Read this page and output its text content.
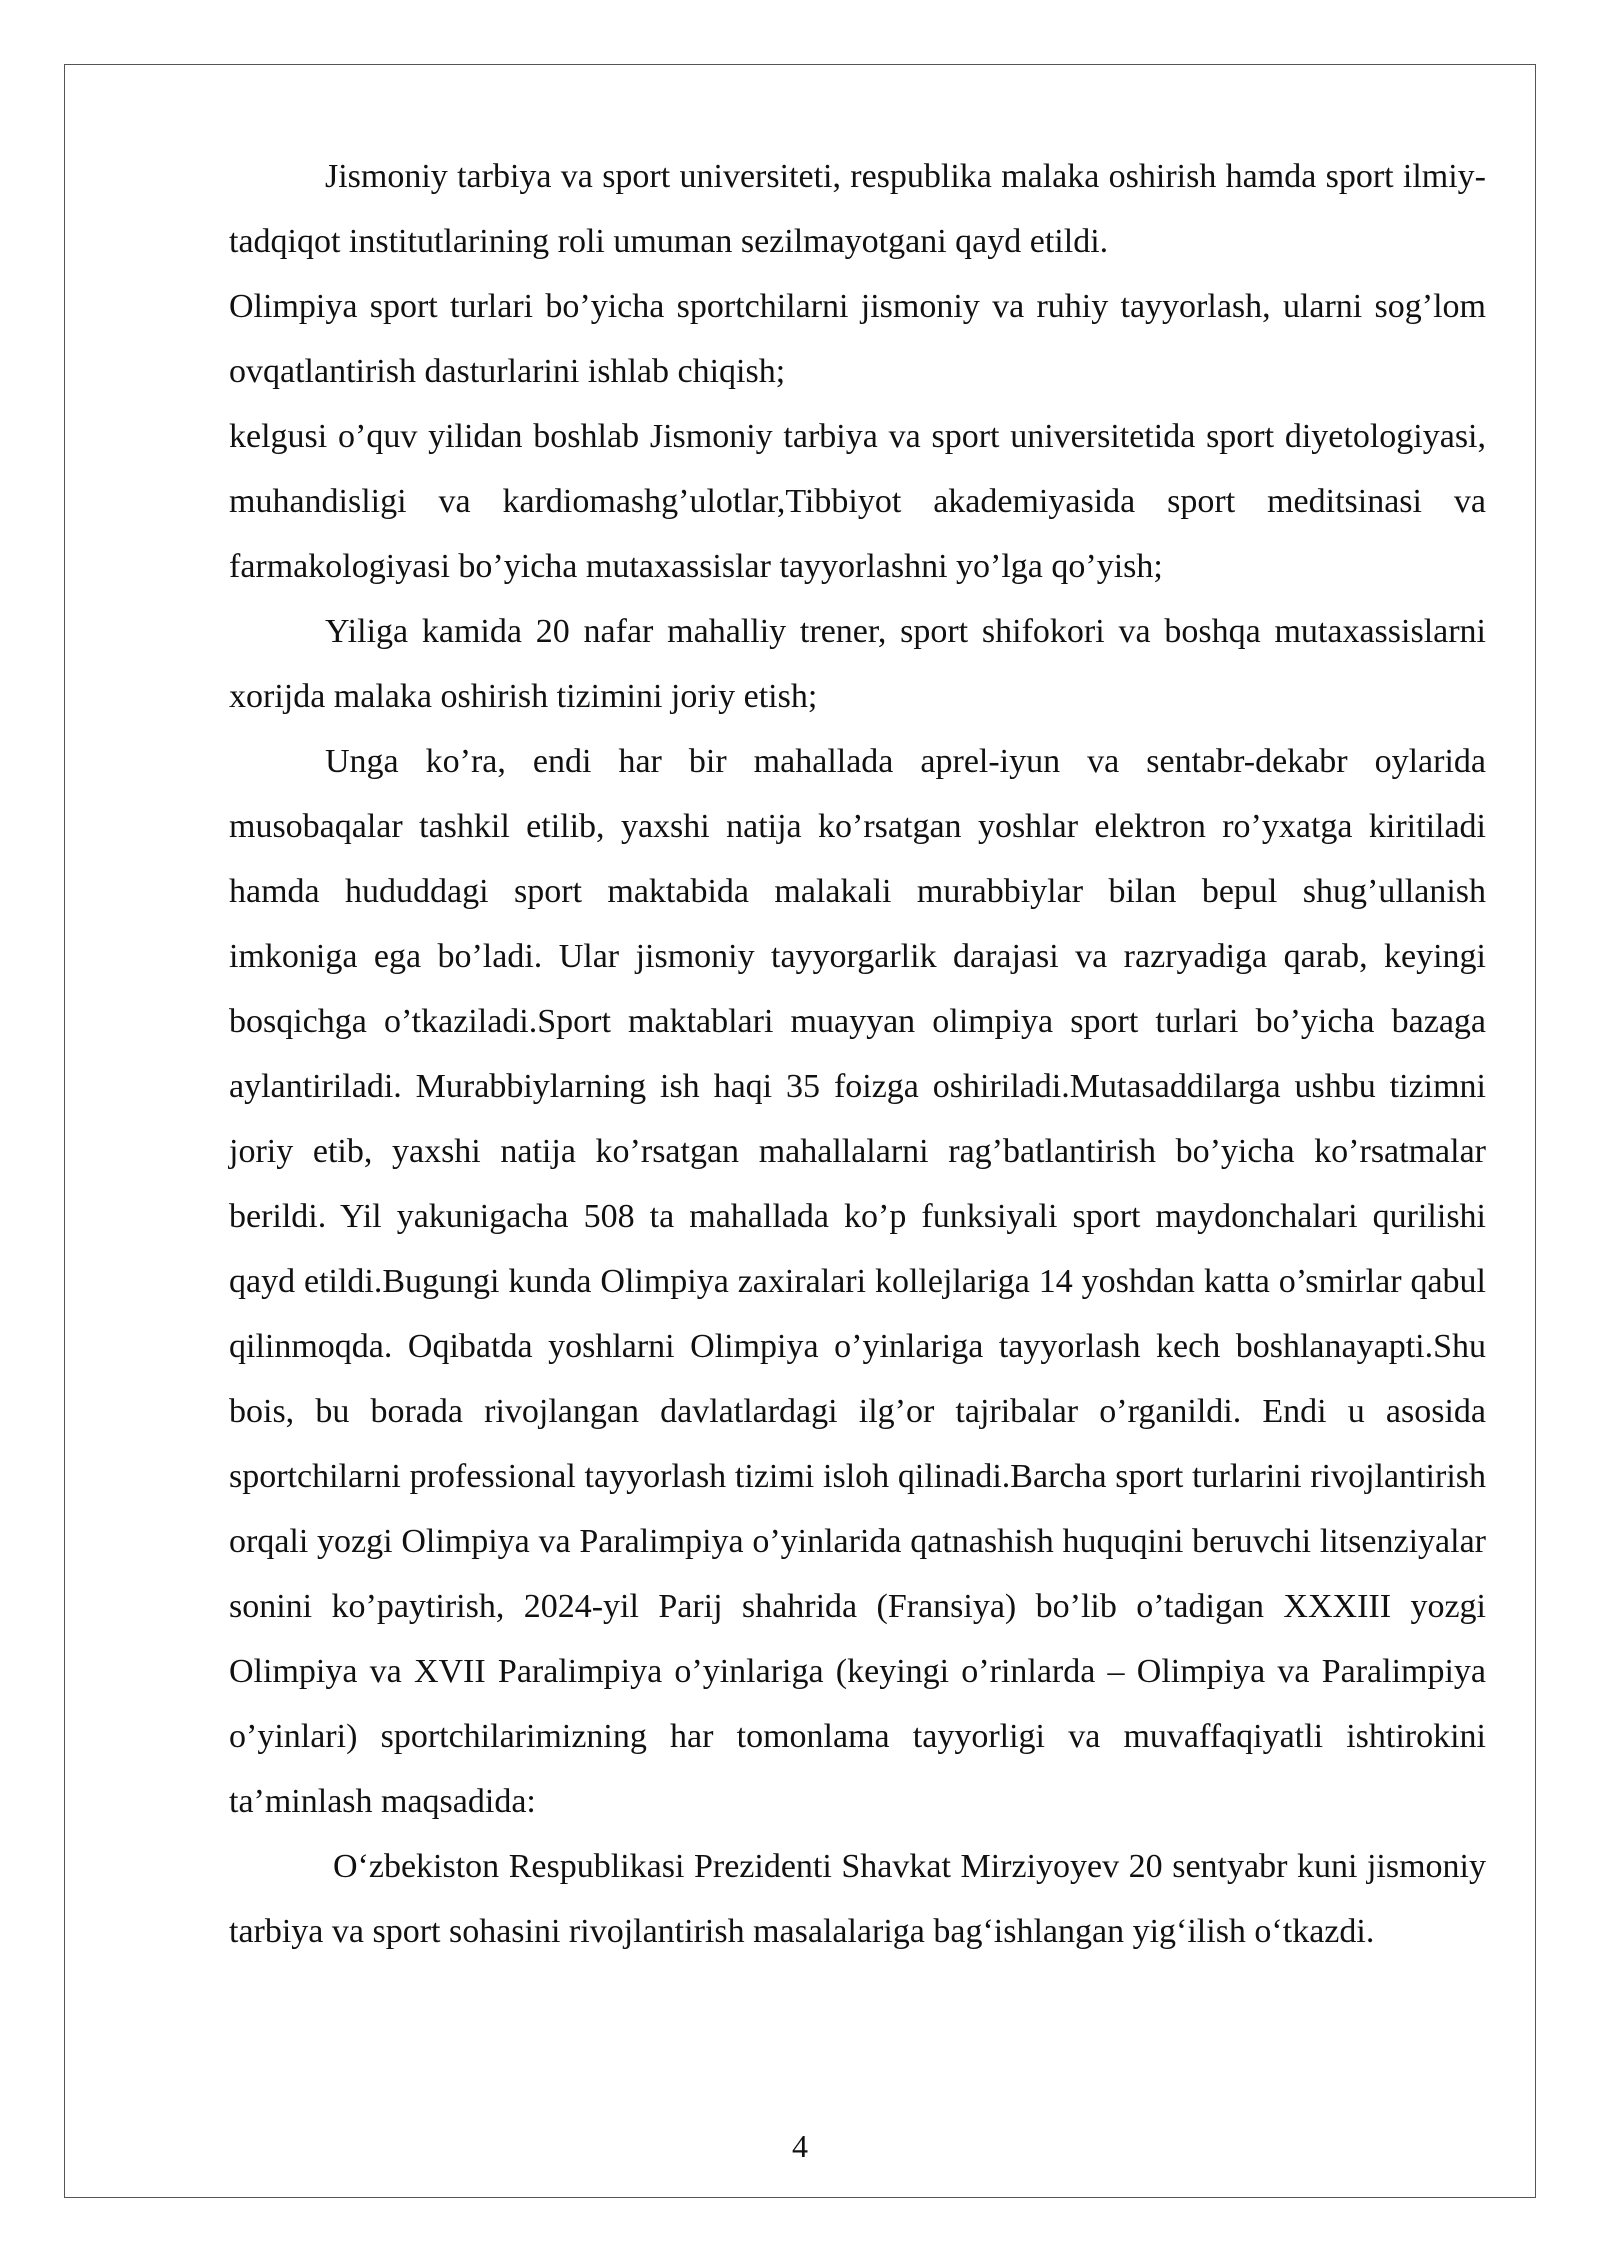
Jismoniy tarbiya va sport universiteti, respublika malaka oshirish hamda sport ilmiy-tadqiqot institutlarining roli umuman sezilmayotgani qayd etildi.

Olimpiya sport turlari bo’yicha sportchilarni jismoniy va ruhiy tayyorlash, ularni sog’lom ovqatlantirish dasturlarini ishlab chiqish;

kelgusi o’quv yilidan boshlab Jismoniy tarbiya va sport universitetida sport diyetologiyasi, muhandisligi va kardiomashg’ulotlar,Tibbiyot akademiyasida sport meditsinasi va farmakologiyasi bo’yicha mutaxassislar tayyorlashni yo’lga qo’yish;

Yiliga kamida 20 nafar mahalliy trener, sport shifokori va boshqa mutaxassislarni xorijda malaka oshirish tizimini joriy etish;

Unga ko’ra, endi har bir mahallada aprel-iyun va sentabr-dekabr oylarida musobaqalar tashkil etilib, yaxshi natija ko’rsatgan yoshlar elektron ro’yxatga kiritiladi hamda hududdagi sport maktabida malakali murabbiylar bilan bepul shug’ullanish imkoniga ega bo’ladi. Ular jismoniy tayyorgarlik darajasi va razryadiga qarab, keyingi bosqichga o’tkaziladi.Sport maktablari muayyan olimpiya sport turlari bo’yicha bazaga aylantiriladi. Murabbiylarning ish haqi 35 foizga oshiriladi.Mutasaddilarga ushbu tizimni joriy etib, yaxshi natija ko’rsatgan mahallalarni rag’batlantirish bo’yicha ko’rsatmalar berildi. Yil yakunigacha 508 ta mahallada ko’p funksiyali sport maydonchalari qurilishi qayd etildi.Bugungi kunda Olimpiya zaxiralari kollejlariga 14 yoshdan katta o’smirlar qabul qilinmoqda. Oqibatda yoshlarni Olimpiya o’yinlariga tayyorlash kech boshlanayapti.Shu bois, bu borada rivojlangan davlatlardagi ilg’or tajribalar o’rganildi. Endi u asosida sportchilarni professional tayyorlash tizimi isloh qilinadi.Barcha sport turlarini rivojlantirish orqali yozgi Olimpiya va Paralimpiya o’yinlarida qatnashish huquqini beruvchi litsenziyalar sonini ko’paytirish, 2024-yil Parij shahrida (Fransiya) bo’lib o’tadigan XXXIII yozgi Olimpiya va XVII Paralimpiya o’yinlariga (keyingi o’rinlarda – Olimpiya va Paralimpiya o’yinlari) sportchilarimizning har tomonlama tayyorligi va muvaffaqiyatli ishtirokini ta’minlash maqsadida:

O‘zbekiston Respublikasi Prezidenti Shavkat Mirziyoyev 20 sentyabr kuni jismoniy tarbiya va sport sohasini rivojlantirish masalalariga bag‘ishlangan yig‘ilish o‘tkazdi.

4
